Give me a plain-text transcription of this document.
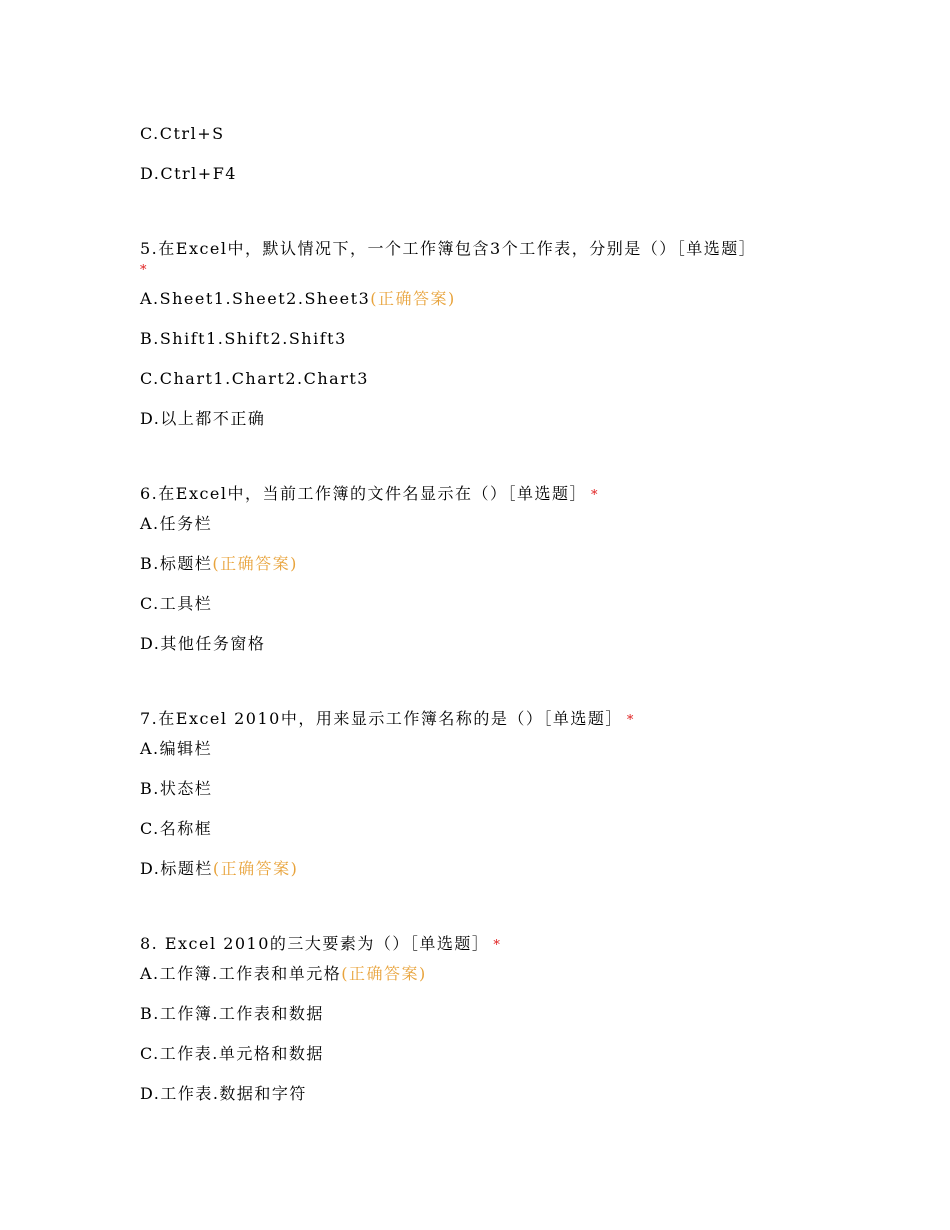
C.Ctrl+S
D.Ctrl+F4
5.在Excel中，默认情况下，一个工作簿包含3个工作表，分别是（）［单选题］
*
A.Sheet1.Sheet2.Sheet3(正确答案)
B.Shift1.Shift2.Shift3
C.Chart1.Chart2.Chart3
D.以上都不正确
6.在Excel中，当前工作簿的文件名显示在（）［单选题］ *
A.任务栏
B.标题栏(正确答案)
C.工具栏
D.其他任务窗格
7.在Excel 2010中，用来显示工作簿名称的是（）［单选题］ *
A.编辑栏
B.状态栏
C.名称框
D.标题栏(正确答案)
8. Excel 2010的三大要素为（）［单选题］ *
A.工作簿.工作表和单元格(正确答案)
B.工作簿.工作表和数据
C.工作表.单元格和数据
D.工作表.数据和字符
